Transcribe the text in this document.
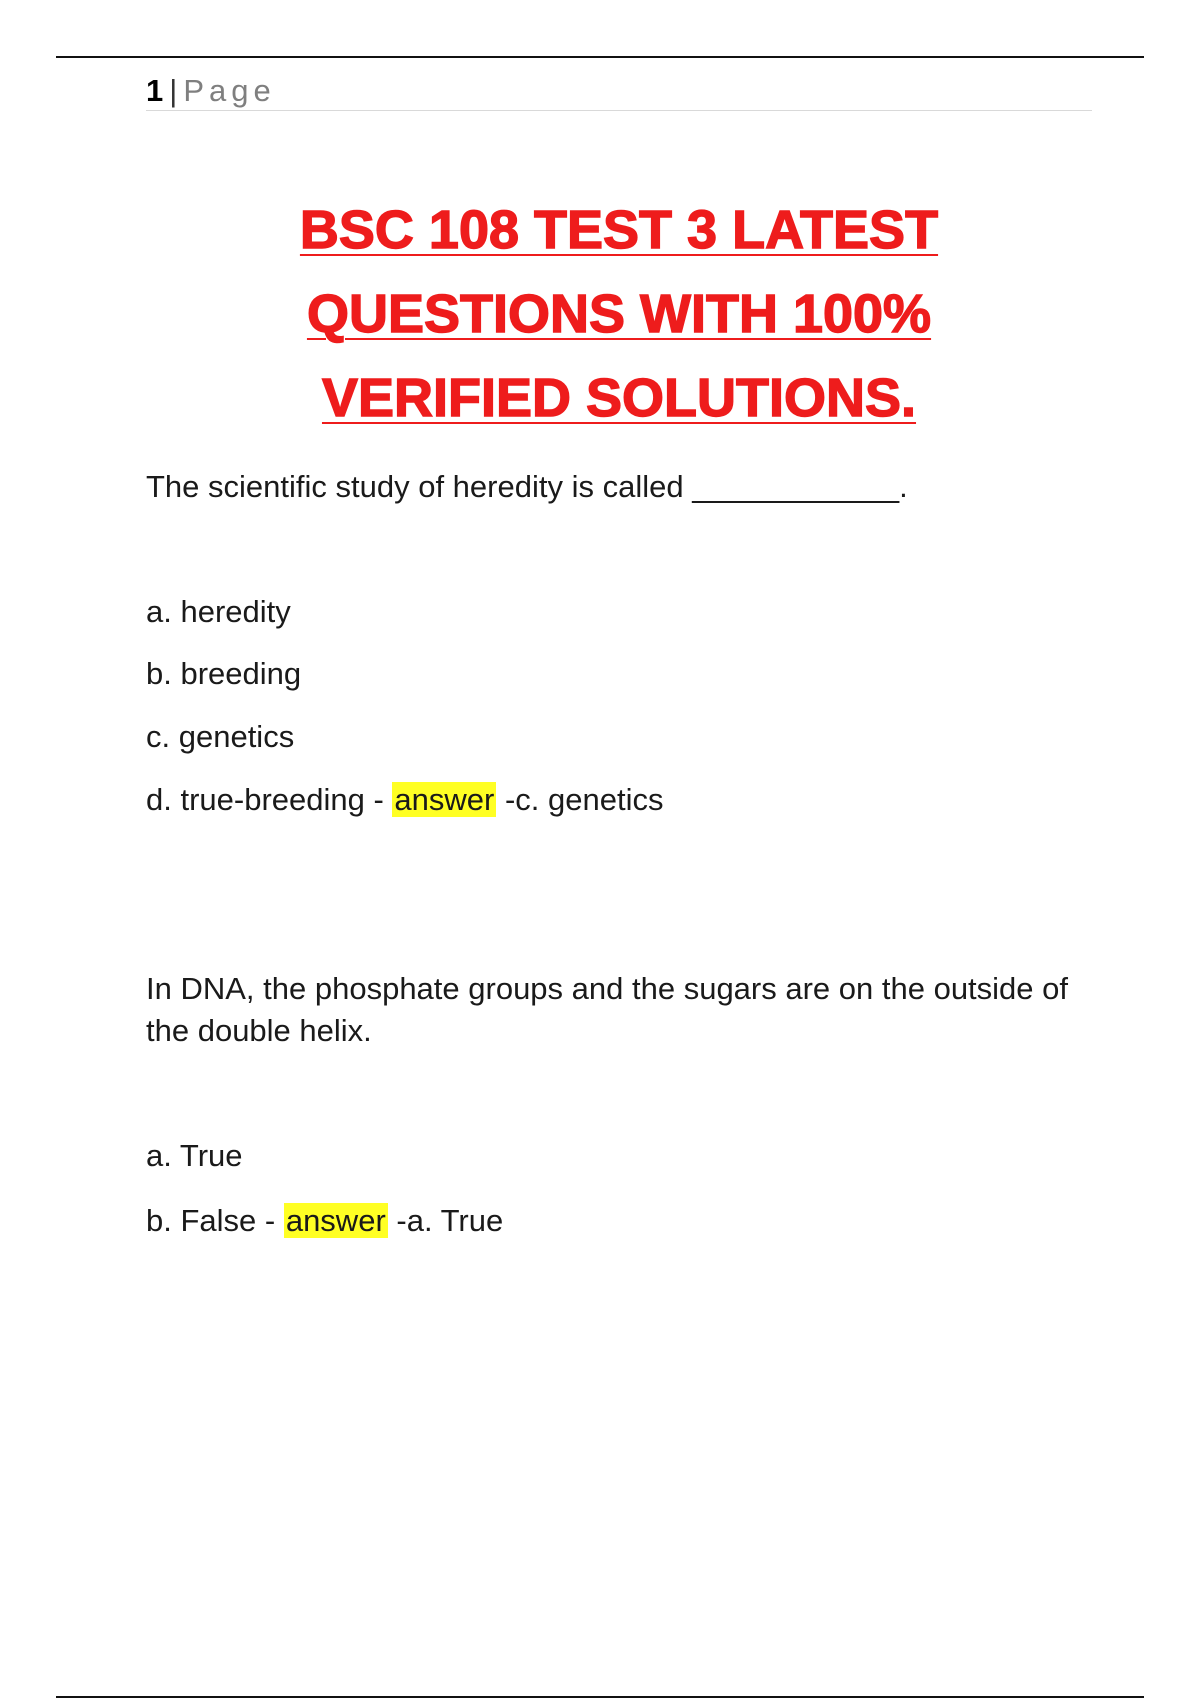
1 | Page
BSC 108 TEST 3 LATEST
QUESTIONS WITH 100%
VERIFIED SOLUTIONS.

The scientific study of heredity is called ____________.

a. heredity

b. breeding

c. genetics

d. true-breeding - answer -c. genetics

In DNA, the phosphate groups and the sugars are on the outside of the double helix.

a. True

b. False - answer -a. True
